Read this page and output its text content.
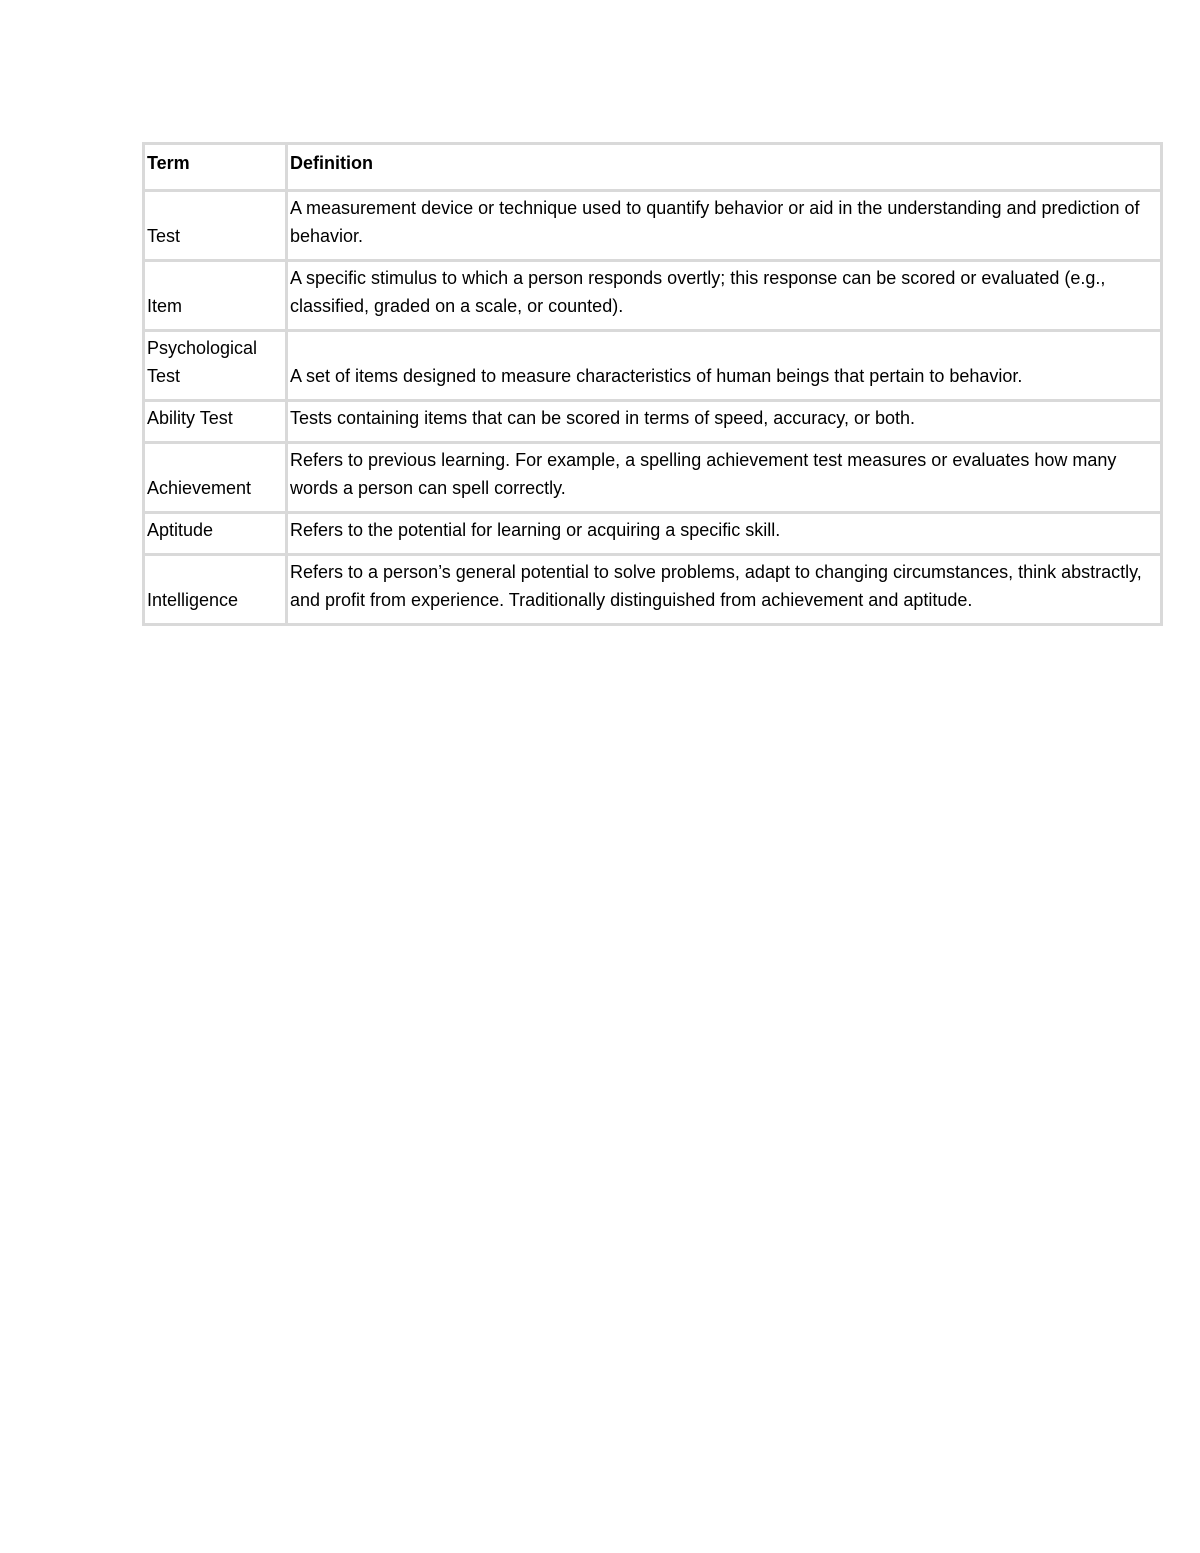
Term	Definition
Test	A measurement device or technique used to quantify behavior or aid in the understanding and prediction of behavior.
Item	A specific stimulus to which a person responds overtly; this response can be scored or evaluated (e.g., classified, graded on a scale, or counted).
Psychological Test	A set of items designed to measure characteristics of human beings that pertain to behavior.
Ability Test	Tests containing items that can be scored in terms of speed, accuracy, or both.
Achievement	Refers to previous learning. For example, a spelling achievement test measures or evaluates how many words a person can spell correctly.
Aptitude	Refers to the potential for learning or acquiring a specific skill.
Intelligence	Refers to a person’s general potential to solve problems, adapt to changing circumstances, think abstractly, and profit from experience. Traditionally distinguished from achievement and aptitude.
